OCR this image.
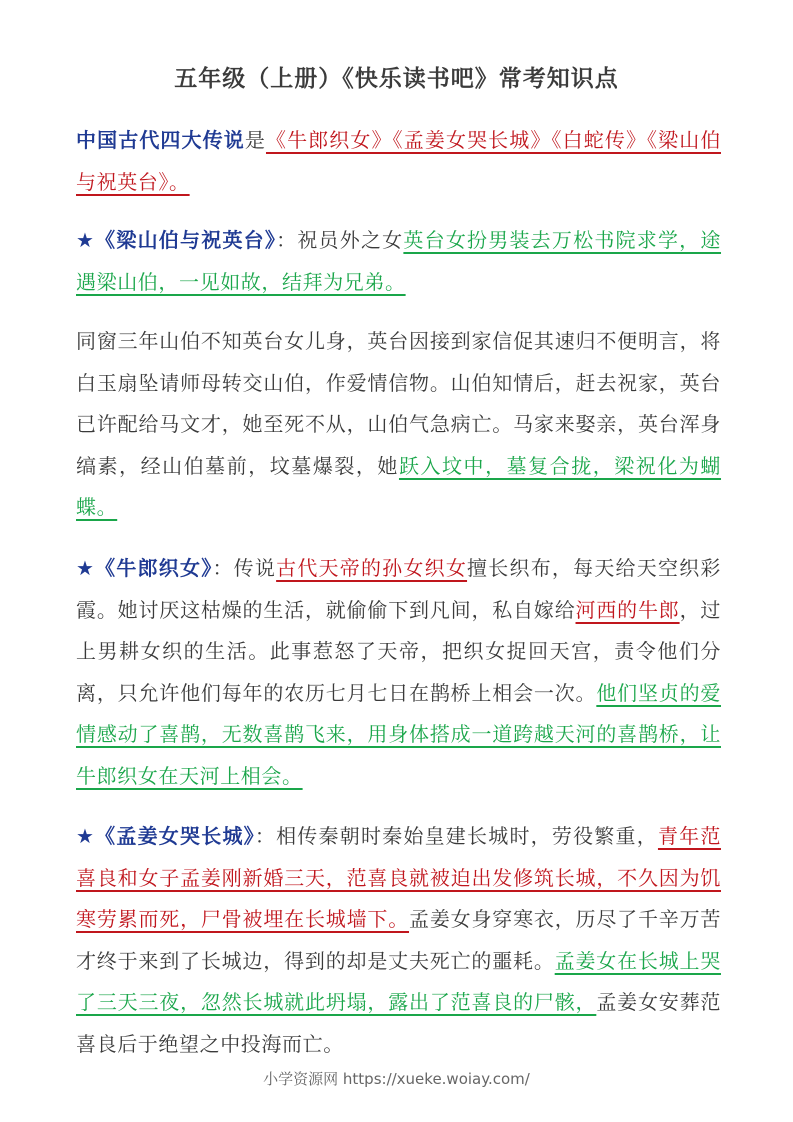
五年级（上册）《快乐读书吧》常考知识点
中国古代四大传说是《牛郎织女》《孟姜女哭长城》《白蛇传》《梁山伯与祝英台》。
★《梁山伯与祝英台》：祝员外之女英台女扮男装去万松书院求学，途遇梁山伯，一见如故，结拜为兄弟。
同窗三年山伯不知英台女儿身，英台因接到家信促其速归不便明言，将白玉扇坠请师母转交山伯，作爱情信物。山伯知情后，赶去祝家，英台已许配给马文才，她至死不从，山伯气急病亡。马家来娶亲，英台浑身缟素，经山伯墓前，坟墓爆裂，她跃入坟中，墓复合拢，梁祝化为蝴蝶。
★《牛郎织女》：传说古代天帝的孙女织女擅长织布，每天给天空织彩霞。她讨厌这枯燥的生活，就偷偷下到凡间，私自嫁给河西的牛郎，过上男耕女织的生活。此事惹怒了天帝，把织女捉回天宫，责令他们分离，只允许他们每年的农历七月七日在鹊桥上相会一次。他们坚贞的爱情感动了喜鹊，无数喜鹊飞来，用身体搭成一道跨越天河的喜鹊桥，让牛郎织女在天河上相会。
★《孟姜女哭长城》：相传秦朝时秦始皇建长城时，劳役繁重，青年范喜良和女子孟姜刚新婚三天，范喜良就被迫出发修筑长城，不久因为饥寒劳累而死，尸骨被埋在长城墙下。孟姜女身穿寒衣，历尽了千辛万苦才终于来到了长城边，得到的却是丈夫死亡的噩耗。孟姜女在长城上哭了三天三夜，忽然长城就此坍塌，露出了范喜良的尸骸，孟姜女安葬范喜良后于绝望之中投海而亡。
小学资源网 https://xueke.woiay.com/
